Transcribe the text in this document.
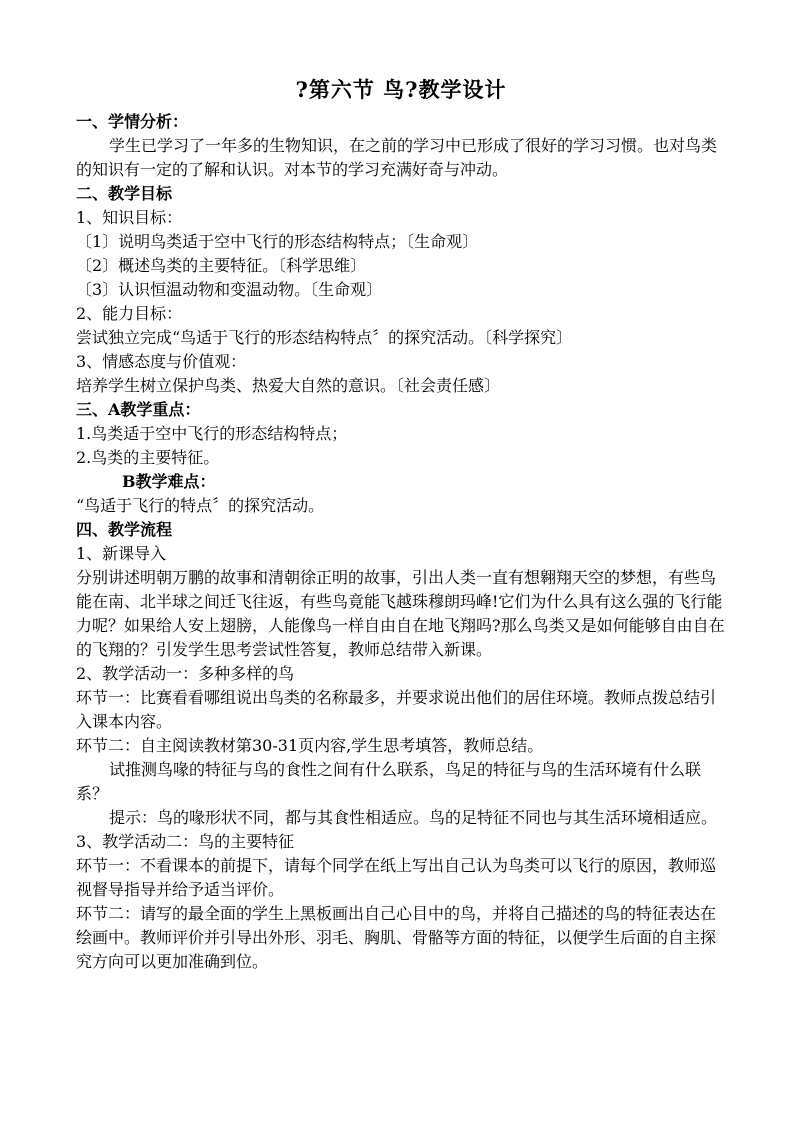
?第六节 鸟?教学设计
一、学情分析：

学生已学习了一年多的生物知识，在之前的学习中已形成了很好的学习习惯。也对鸟类的知识有一定的了解和认识。对本节的学习充满好奇与冲动。

二、教学目标
1、知识目标：
〔1〕说明鸟类适于空中飞行的形态结构特点；〔生命观〕
〔2〕概述鸟类的主要特征。〔科学思维〕
〔3〕认识恒温动物和变温动物。〔生命观〕
2、能力目标：
尝试独立完成“鸟适于飞行的形态结构特点〞的探究活动。〔科学探究〕
3、情感态度与价值观：
培养学生树立保护鸟类、热爱大自然的意识。〔社会责任感〕
三、A教学重点：
1.鸟类适于空中飞行的形态结构特点；
2.鸟类的主要特征。
B教学难点：
“鸟适于飞行的特点〞的探究活动。
四、教学流程
1、新课导入

分别讲述明朝万鹏的故事和清朝徐正明的故事，引出人类一直有想翱翔天空的梦想，有些鸟能在南、北半球之间迁飞往返，有些鸟竟能飞越珠穆朗玛峰!它们为什么具有这么强的飞行能力呢？如果给人安上翅膀，人能像鸟一样自由自在地飞翔吗?那么鸟类又是如何能够自由自在的飞翔的？引发学生思考尝试性答复，教师总结带入新课。

2、教学活动一：多种多样的鸟

环节一：比赛看看哪组说出鸟类的名称最多，并要求说出他们的居住环境。教师点拨总结引入课本内容。

环节二：自主阅读教材第30-31页内容,学生思考填答，教师总结。

试推测鸟喙的特征与鸟的食性之间有什么联系，鸟足的特征与鸟的生活环境有什么联系？

提示：鸟的喙形状不同，都与其食性相适应。鸟的足特征不同也与其生活环境相适应。

3、教学活动二：鸟的主要特征

环节一：不看课本的前提下，请每个同学在纸上写出自己认为鸟类可以飞行的原因，教师巡视督导指导并给予适当评价。

环节二：请写的最全面的学生上黑板画出自己心目中的鸟，并将自己描述的鸟的特征表达在绘画中。教师评价并引导出外形、羽毛、胸肌、骨骼等方面的特征，以便学生后面的自主探究方向可以更加准确到位。
